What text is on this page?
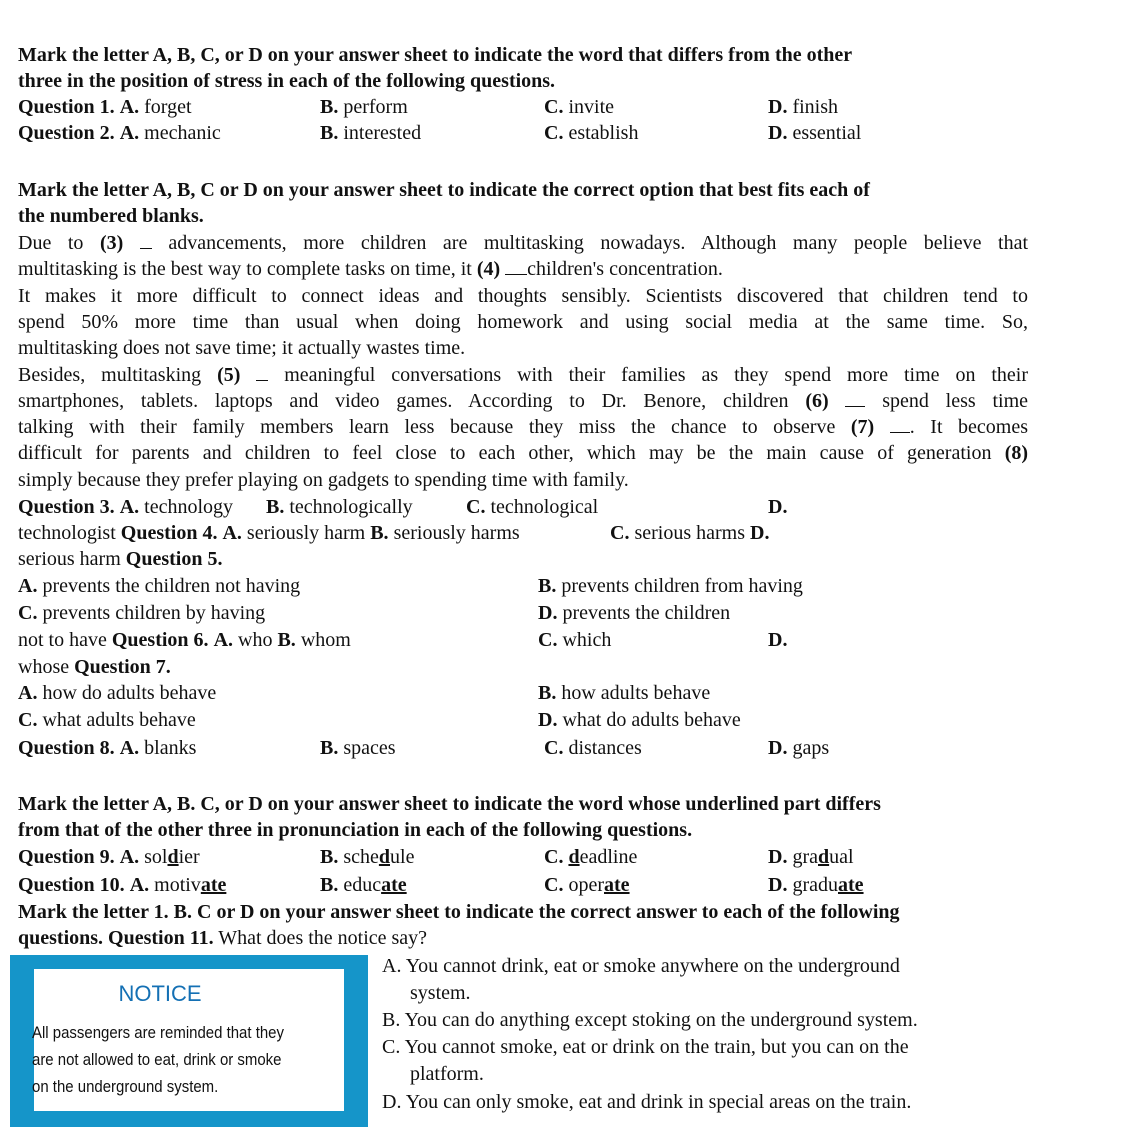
Mark the letter A, B, C, or D on your answer sheet to indicate the word that differs from the other
three in the position of stress in each of the following questions.
Question 1. A. forget	B. perform	C. invite	D. finish
Question 2. A. mechanic	B. interested	C. establish	D. essential
Mark the letter A, B, C or D on your answer sheet to indicate the correct option that best fits each of
the numbered blanks.
Due to (3) advancements, more children are multitasking nowadays. Although many people believe that
multitasking is the best way to complete tasks on time, it (4) children's concentration.
It makes it more difficult to connect ideas and thoughts sensibly. Scientists discovered that children tend to
spend 50% more time than usual when doing homework and using social media at the same time. So,
multitasking does not save time; it actually wastes time.
Besides, multitasking (5) meaningful conversations with their families as they spend more time on their
smartphones, tablets. laptops and video games. According to Dr. Benore, children (6)	spend less time
talking with their family members learn less because they miss the chance to observe (7) . It becomes
difficult for parents and children to feel close to each other, which may be the main cause of generation (8)
simply because they prefer playing on gadgets to spending time with family.
Question 3. A. technology B. technologically	C. technological	D.
technologist Question 4. A. seriously harm B. seriously harms	C. serious harms D.
serious harm Question 5.
A. prevents the children not having	B. prevents children from having
C. prevents children by having	D. prevents the children
not to have Question 6. A. who B. whom	C. which	D.
whose Question 7.
A. how do adults behave	B. how adults behave
C. what adults behave	D. what do adults behave
Question 8. A. blanks	B. spaces	C. distances	D. gaps
Mark the letter A, B. C, or D on your answer sheet to indicate the word whose underlined part differs
from that of the other three in pronunciation in each of the following questions.
Question 9. A. soldier	B. schedule	C. deadline	D. gradual
Question 10. A. motivate	B. educate	C. operate	D. graduate
Mark the letter 1. B. C or D on your answer sheet to indicate the correct answer to each of the following
questions. Question 11. What does the notice say?
NOTICE
All passengers are reminded that they
are not allowed to eat, drink or smoke
on the underground system.
A. You cannot drink, eat or smoke anywhere on the underground
system.
B. You can do anything except stoking on the underground system.
C. You cannot smoke, eat or drink on the train, but you can on the
platform.
D. You can only smoke, eat and drink in special areas on the train.
